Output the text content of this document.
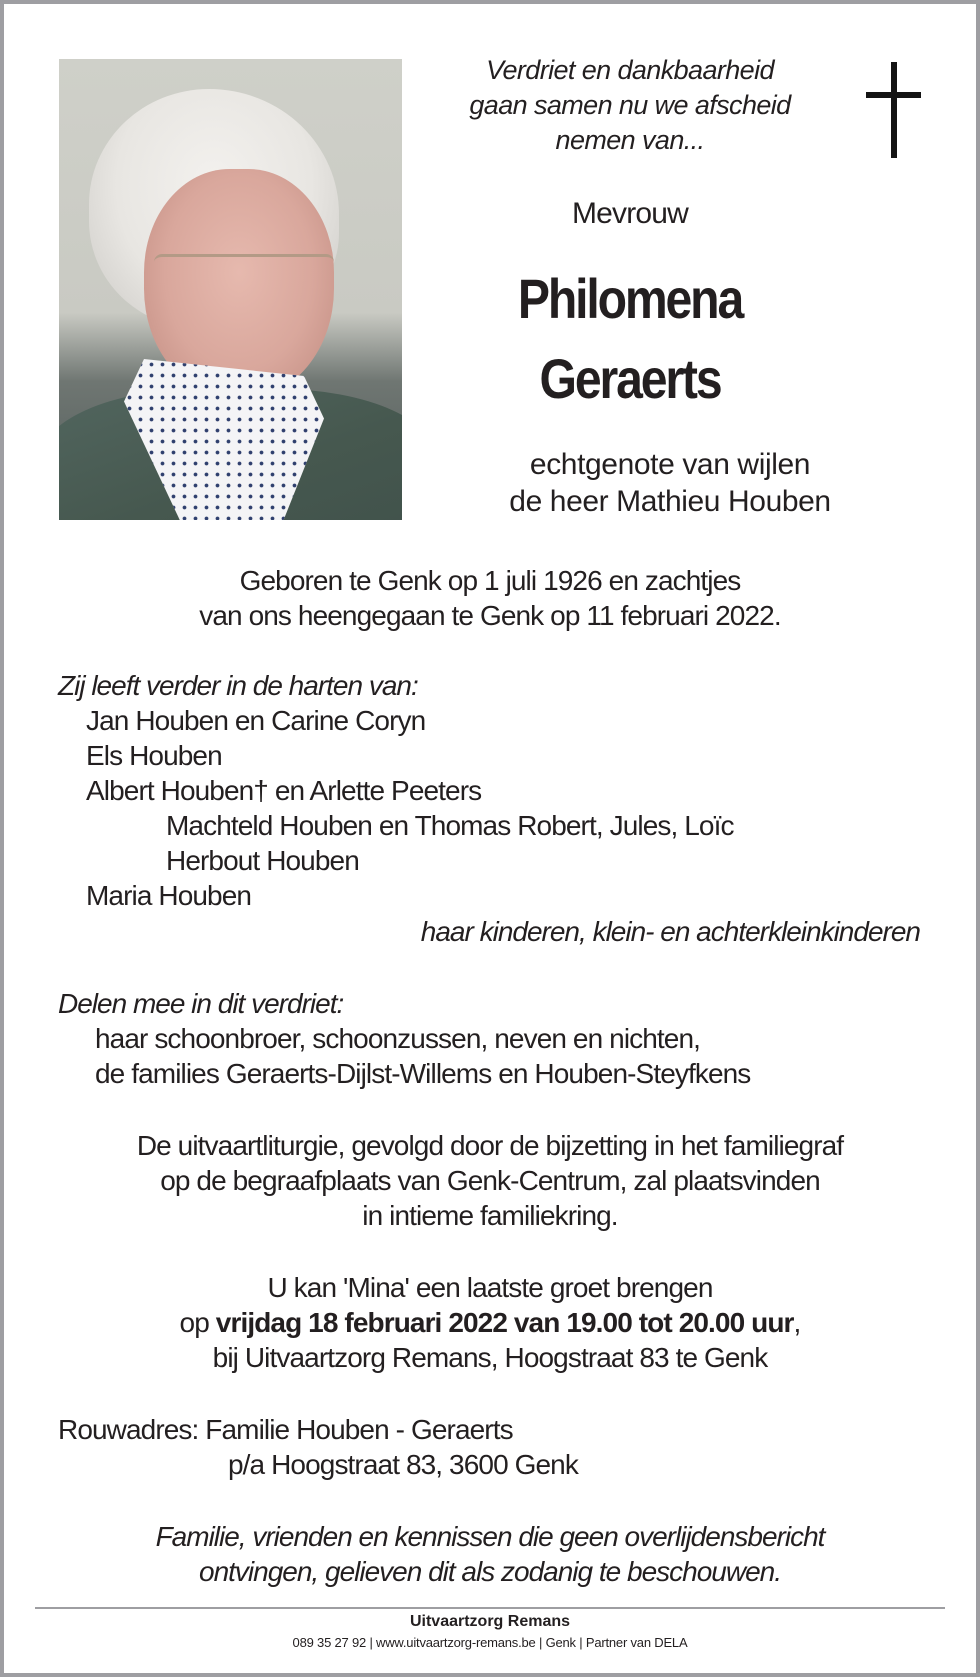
Verdriet en dankbaarheid
gaan samen nu we afscheid
nemen van...
Mevrouw
Philomena
Geraerts
echtgenote van wijlen
de heer Mathieu Houben
Geboren te Genk op 1 juli 1926 en zachtjes
van ons heengegaan te Genk op 11 februari 2022.
Zij leeft verder in de harten van:
Jan Houben en Carine Coryn
Els Houben
Albert Houben† en Arlette Peeters
Machteld Houben en Thomas Robert, Jules, Loïc
Herbout Houben
Maria Houben
haar kinderen, klein- en achterkleinkinderen
Delen mee in dit verdriet:
haar schoonbroer, schoonzussen, neven en nichten,
de families Geraerts-Dijlst-Willems en Houben-Steyfkens
De uitvaartliturgie, gevolgd door de bijzetting in het familiegraf
op de begraafplaats van Genk-Centrum, zal plaatsvinden
in intieme familiekring.
U kan 'Mina' een laatste groet brengen
op vrijdag 18 februari 2022 van 19.00 tot 20.00 uur,
bij Uitvaartzorg Remans, Hoogstraat 83 te Genk
Rouwadres: Familie Houben - Geraerts
p/a Hoogstraat 83, 3600 Genk
Familie, vrienden en kennissen die geen overlijdensbericht
ontvingen, gelieven dit als zodanig te beschouwen.
Uitvaartzorg Remans
089 35 27 92 | www.uitvaartzorg-remans.be | Genk | Partner van DELA
